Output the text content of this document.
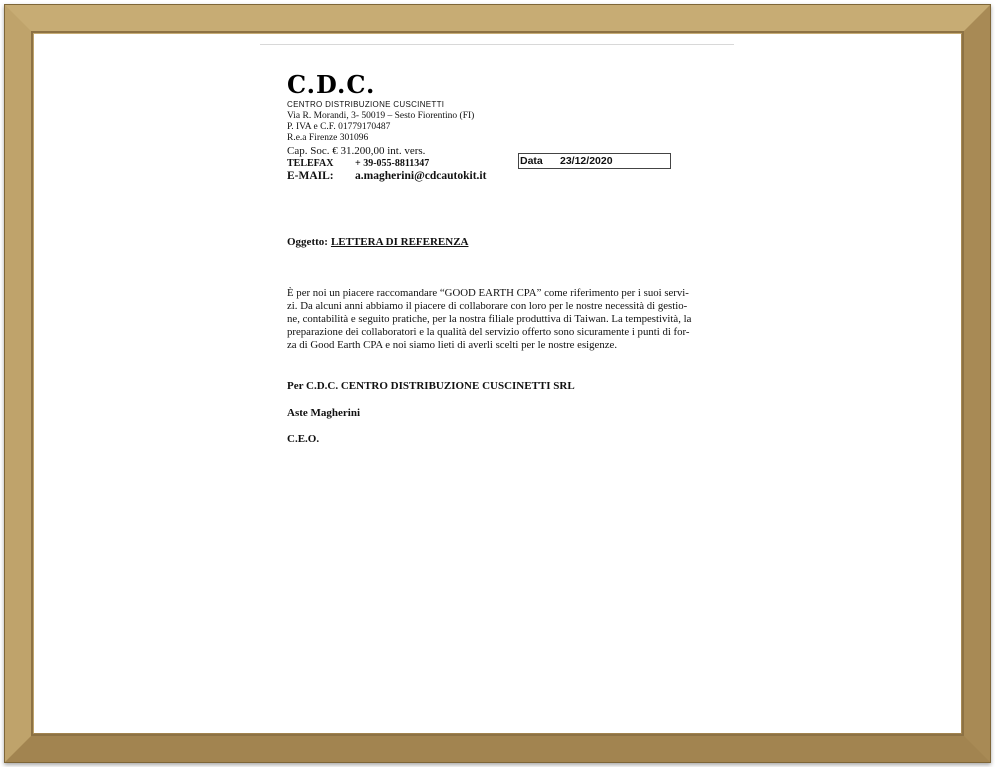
C.D.C.
CENTRO DISTRIBUZIONE CUSCINETTI
Via R. Morandi, 3- 50019 – Sesto Fiorentino (FI)
P. IVA e C.F. 01779170487
R.e.a Firenze 301096
Cap. Soc. € 31.200,00 int. vers.
TELEFAX + 39-055-8811347
E-MAIL: a.magherini@cdcautokit.it
Data 23/12/2020
Oggetto: LETTERA DI REFERENZA
È per noi un piacere raccomandare “GOOD EARTH CPA” come riferimento per i suoi servi-
zi. Da alcuni anni abbiamo il piacere di collaborare con loro per le nostre necessità di gestio-
ne, contabilità e seguito pratiche, per la nostra filiale produttiva di Taiwan. La tempestività, la
preparazione dei collaboratori e la qualità del servizio offerto sono sicuramente i punti di for-
za di Good Earth CPA e noi siamo lieti di averli scelti per le nostre esigenze.
Per C.D.C. CENTRO DISTRIBUZIONE CUSCINETTI SRL
Aste Magherini
C.E.O.
